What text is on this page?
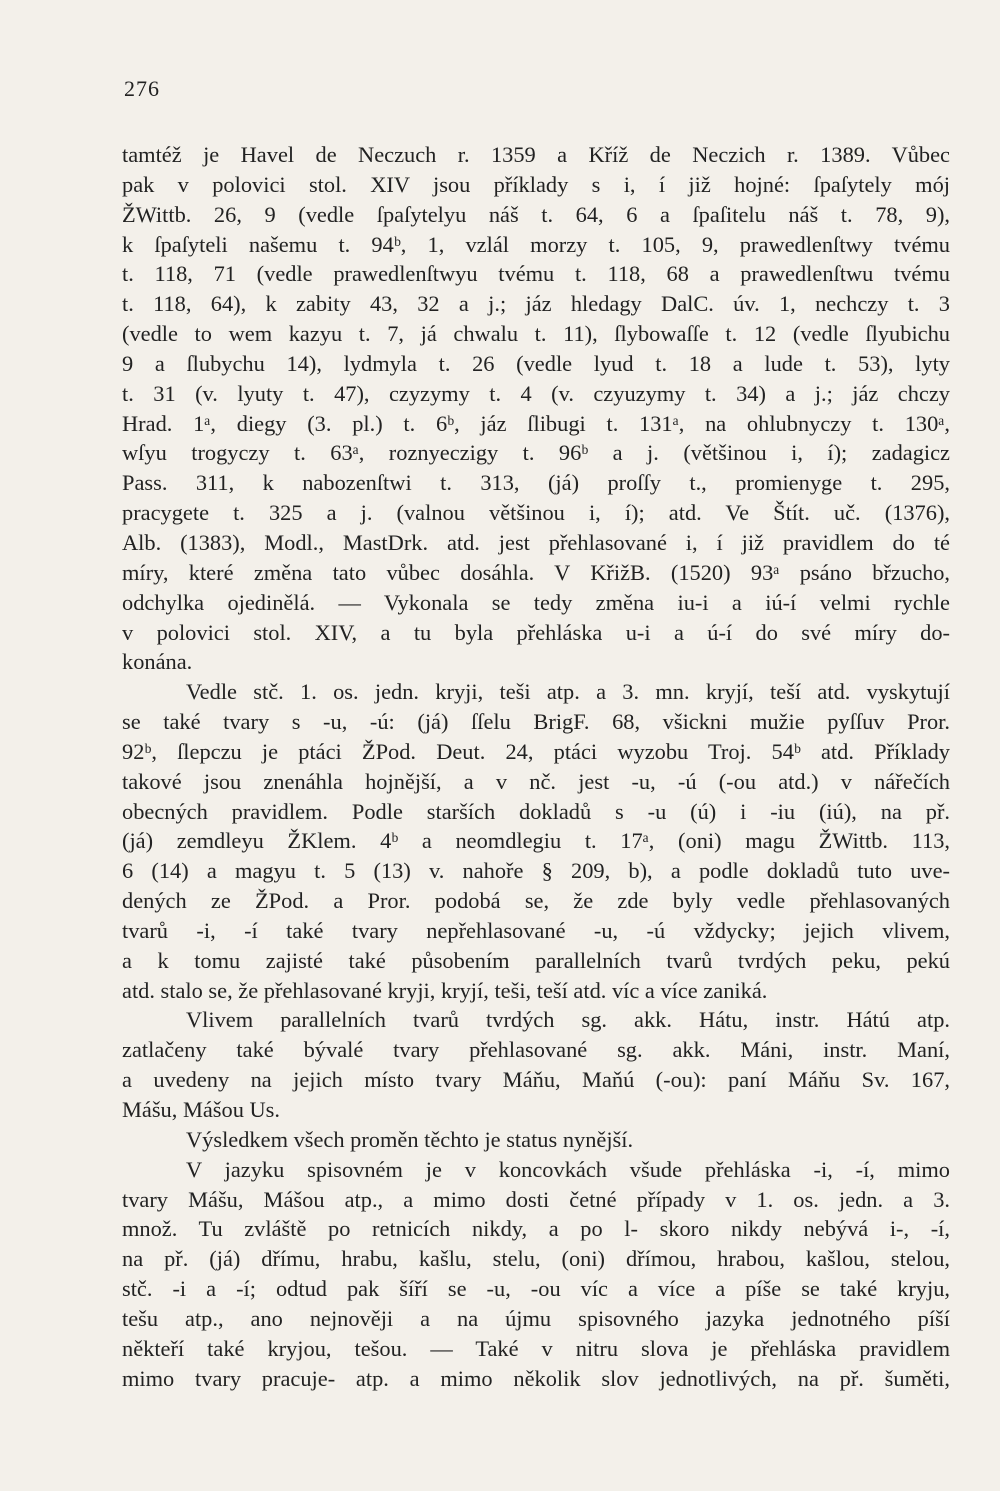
276
tamtéž je Havel de Neczuch r. 1359 a Kříž de Neczich r. 1389. Vůbec
pak v polovici stol. XIV jsou příklady s i, í již hojné: ſpaſytely mój
ŽWittb. 26, 9 (vedle ſpaſytelyu náš t. 64, 6 a ſpaſitelu náš t. 78, 9),
k ſpaſyteli našemu t. 94ᵇ, 1, vzlál morzy t. 105, 9, prawedlenſtwy tvému
t. 118, 71 (vedle prawedlenſtwyu tvému t. 118, 68 a prawedlenſtwu tvému
t. 118, 64), k zabity 43, 32 a j.; jáz hledagy DalC. úv. 1, nechczy t. 3
(vedle to wem kazyu t. 7, já chwalu t. 11), ſlybowaſſe t. 12 (vedle ſlyubichu
9 a ſlubychu 14), lydmyla t. 26 (vedle lyud t. 18 a lude t. 53), lyty
t. 31 (v. lyuty t. 47), czyzymy t. 4 (v. czyuzymy t. 34) a j.; jáz chczy
Hrad. 1ᵃ, diegy (3. pl.) t. 6ᵇ, jáz ſlibugi t. 131ᵃ, na ohlubnyczy t. 130ᵃ,
wſyu trogyczy t. 63ᵃ, roznyeczigy t. 96ᵇ a j. (většinou i, í); zadagicz
Pass. 311, k nabozenſtwi t. 313, (já) proſſy t., promienyge t. 295,
pracygete t. 325 a j. (valnou většinou i, í); atd. Ve Štít. uč. (1376),
Alb. (1383), Modl., MastDrk. atd. jest přehlasované i, í již pravidlem do té
míry, které změna tato vůbec dosáhla. V KřižB. (1520) 93ᵃ psáno břzucho,
odchylka ojedinělá. — Vykonala se tedy změna iu-i a iú-í velmi rychle
v polovici stol. XIV, a tu byla přehláska u-i a ú-í do své míry do-
konána.
Vedle stč. 1. os. jedn. kryji, teši atp. a 3. mn. kryjí, teší atd. vyskytují
se také tvary s -u, -ú: (já) ſſelu BrigF. 68, všickni mužie pyſſuv Pror.
92ᵇ, ſlepczu je ptáci ŽPod. Deut. 24, ptáci wyzobu Troj. 54ᵇ atd. Příklady
takové jsou znenáhla hojnější, a v nč. jest -u, -ú (-ou atd.) v nářečích
obecných pravidlem. Podle starších dokladů s -u (ú) i -iu (iú), na př.
(já) zemdleyu ŽKlem. 4ᵇ a neomdlegiu t. 17ᵃ, (oni) magu ŽWittb. 113,
6 (14) a magyu t. 5 (13) v. nahoře § 209, b), a podle dokladů tuto uve-
dených ze ŽPod. a Pror. podobá se, že zde byly vedle přehlasovaných
tvarů -i, -í také tvary nepřehlasované -u, -ú vždycky; jejich vlivem,
a k tomu zajisté také působením parallelních tvarů tvrdých peku, pekú
atd. stalo se, že přehlasované kryji, kryjí, teši, teší atd. víc a více zaniká.
Vlivem parallelních tvarů tvrdých sg. akk. Hátu, instr. Hátú atp.
zatlačeny také bývalé tvary přehlasované sg. akk. Máni, instr. Maní,
a uvedeny na jejich místo tvary Máňu, Maňú (-ou): paní Máňu Sv. 167,
Mášu, Mášou Us.
Výsledkem všech proměn těchto je status nynější.
V jazyku spisovném je v koncovkách všude přehláska -i, -í, mimo
tvary Mášu, Mášou atp., a mimo dosti četné případy v 1. os. jedn. a 3.
množ. Tu zvláště po retnicích nikdy, a po l- skoro nikdy nebývá i-, -í,
na př. (já) dřímu, hrabu, kašlu, stelu, (oni) dřímou, hrabou, kašlou, stelou,
stč. -i a -í; odtud pak šíří se -u, -ou víc a více a píše se také kryju,
tešu atp., ano nejnověji a na újmu spisovného jazyka jednotného píší
někteří také kryjou, tešou. — Také v nitru slova je přehláska pravidlem
mimo tvary pracuje- atp. a mimo několik slov jednotlivých, na př. šuměti,
